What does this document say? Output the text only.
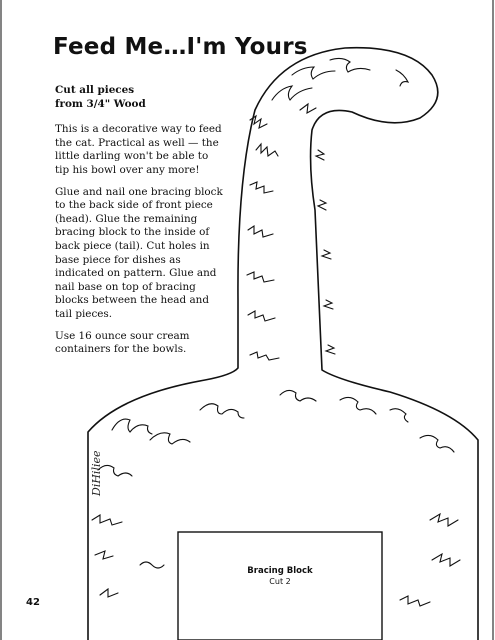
Feed Me…I'm Yours
Cut all pieces
from 3/4" Wood

This is a decorative way to feed the cat. Practical as well — the little darling won't be able to tip his bowl over any more!

Glue and nail one bracing block to the back side of front piece (head). Glue the remaining bracing block to the inside of back piece (tail). Cut holes in base piece for dishes as indicated on pattern. Glue and nail base on top of bracing blocks between the head and tail pieces.

Use 16 ounce sour cream containers for the bowls.

DiHiliee
Bracing Block
Cut 2
42
